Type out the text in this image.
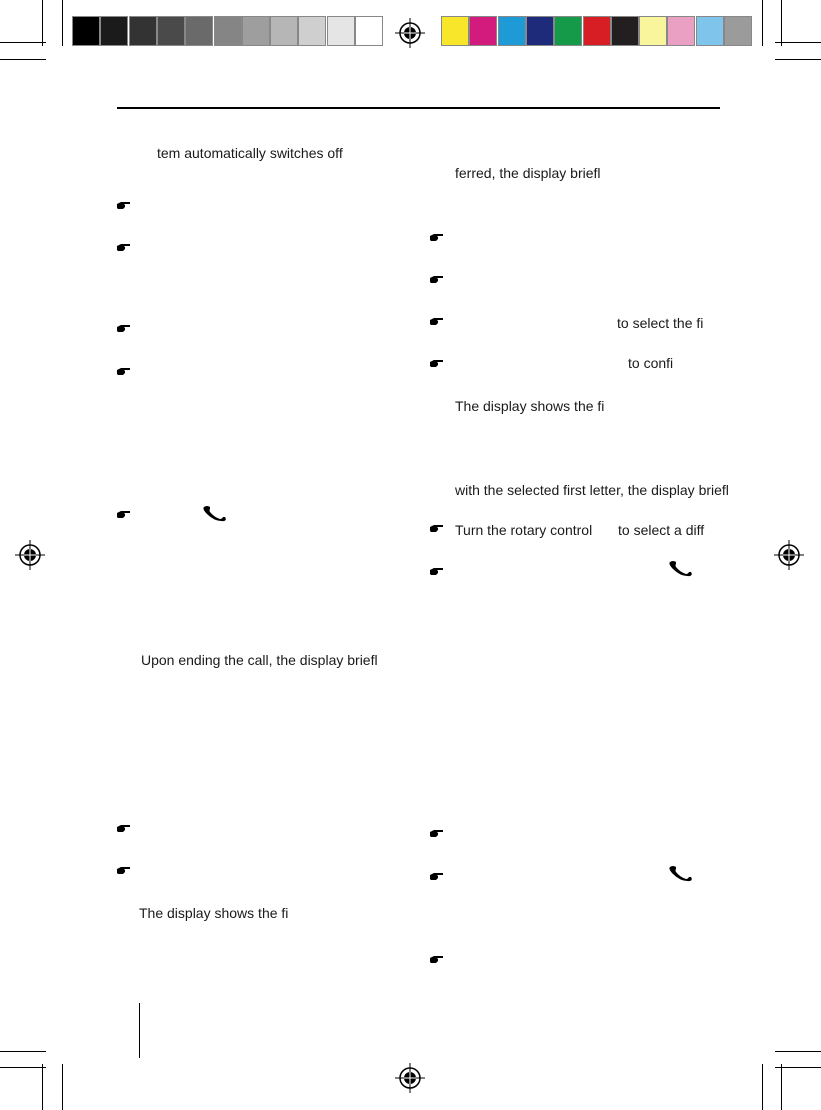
tem automatically switches off
Upon ending the call, the display briefl
The display shows the fi
ferred, the display briefl
to select the fi
to confi
The display shows the fi
with the selected first letter, the display briefl
Turn the rotary control to select a diff
